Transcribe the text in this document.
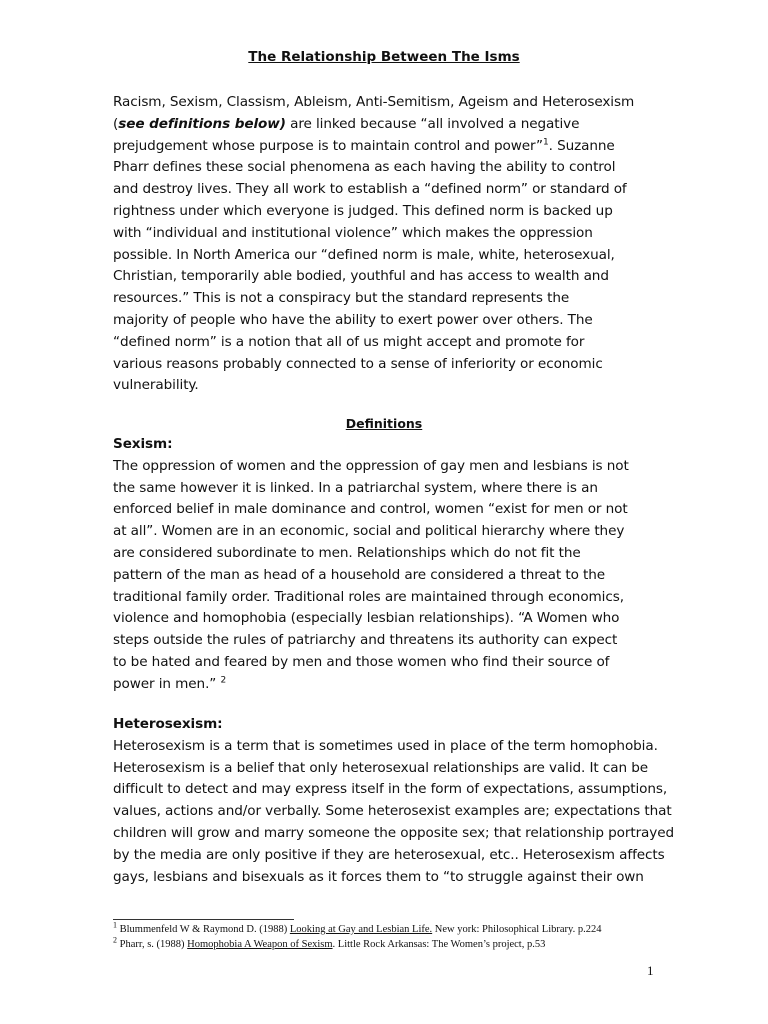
The Relationship Between The Isms
Racism, Sexism, Classism, Ableism, Anti-Semitism, Ageism and Heterosexism
(see definitions below) are linked because “all involved a negative
prejudgement whose purpose is to maintain control and power”$^1$. Suzanne
Pharr defines these social phenomena as each having the ability to control
and destroy lives. They all work to establish a “defined norm” or standard of
rightness under which everyone is judged. This defined norm is backed up
with “individual and institutional violence” which makes the oppression
possible. In North America our “defined norm is male, white, heterosexual,
Christian, temporarily able bodied, youthful and has access to wealth and
resources.” This is not a conspiracy but the standard represents the
majority of people who have the ability to exert power over others. The
“defined norm” is a notion that all of us might accept and promote for
various reasons probably connected to a sense of inferiority or economic
vulnerability.
Definitions
Sexism:
The oppression of women and the oppression of gay men and lesbians is not
the same however it is linked. In a patriarchal system, where there is an
enforced belief in male dominance and control, women “exist for men or not
at all”. Women are in an economic, social and political hierarchy where they
are considered subordinate to men. Relationships which do not fit the
pattern of the man as head of a household are considered a threat to the
traditional family order. Traditional roles are maintained through economics,
violence and homophobia (especially lesbian relationships). “A Women who
steps outside the rules of patriarchy and threatens its authority can expect
to be hated and feared by men and those women who find their source of
power in men.” $^2$
Heterosexism:
Heterosexism is a term that is sometimes used in place of the term homophobia.
Heterosexism is a belief that only heterosexual relationships are valid. It can be
difficult to detect and may express itself in the form of expectations, assumptions,
values, actions and/or verbally. Some heterosexist examples are; expectations that
children will grow and marry someone the opposite sex; that relationship portrayed
by the media are only positive if they are heterosexual, etc.. Heterosexism affects
gays, lesbians and bisexuals as it forces them to “to struggle against their own
$^1$ Blummenfeld W & Raymond D. (1988) Looking at Gay and Lesbian Life. New york: Philosophical Library. p.224
$^2$ Pharr, s. (1988) Homophobia A Weapon of Sexism. Little Rock Arkansas: The Women’s project, p.53
1
